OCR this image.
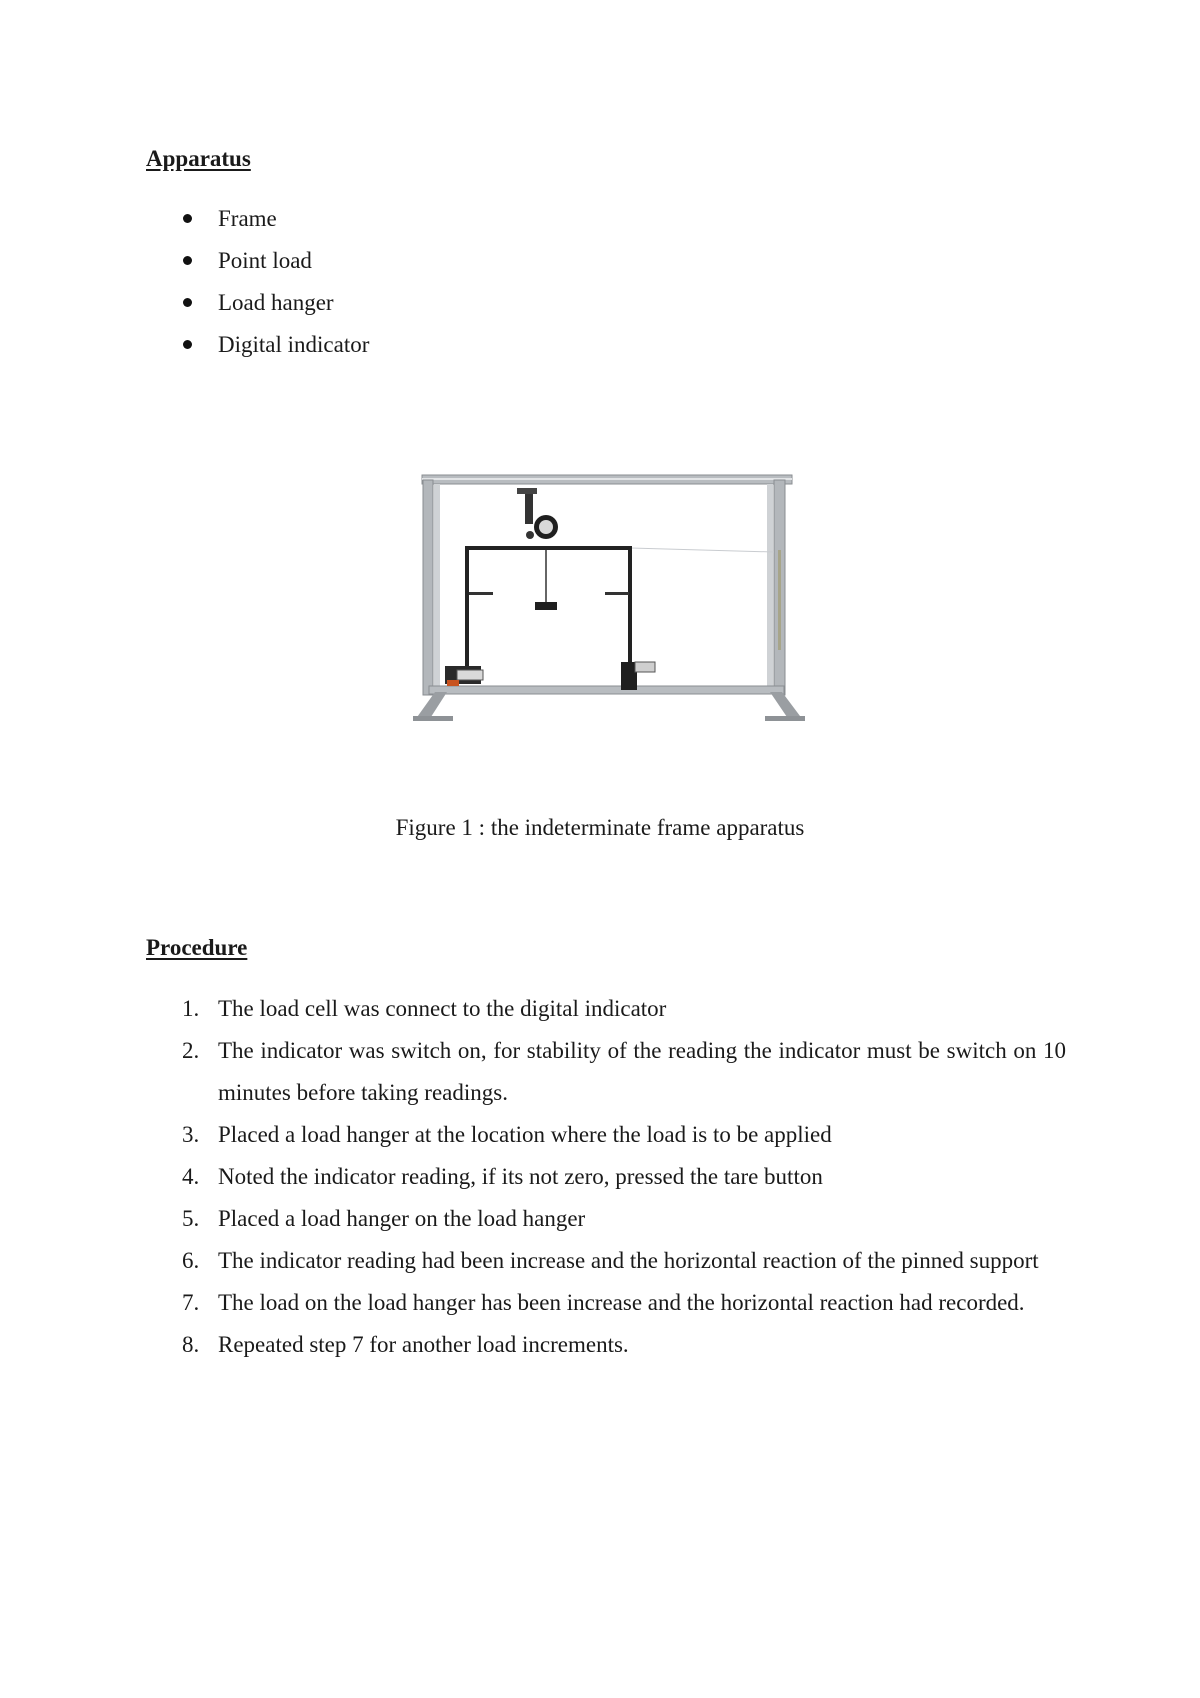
Apparatus
Frame
Point load
Load hanger
Digital indicator

Figure 1 : the indeterminate frame apparatus

Procedure
1. The load cell was connect to the digital indicator
2. The indicator was switch on, for stability of the reading the indicator must be switch on 10 minutes before taking readings.
3. Placed a load hanger at the location where the load is to be applied
4. Noted the indicator reading, if its not zero, pressed the tare button
5. Placed a load hanger on the load hanger
6. The indicator reading had been increase and the horizontal reaction of the pinned support
7. The load on the load hanger has been increase and the horizontal reaction had recorded.
8. Repeated step 7 for another load increments.
